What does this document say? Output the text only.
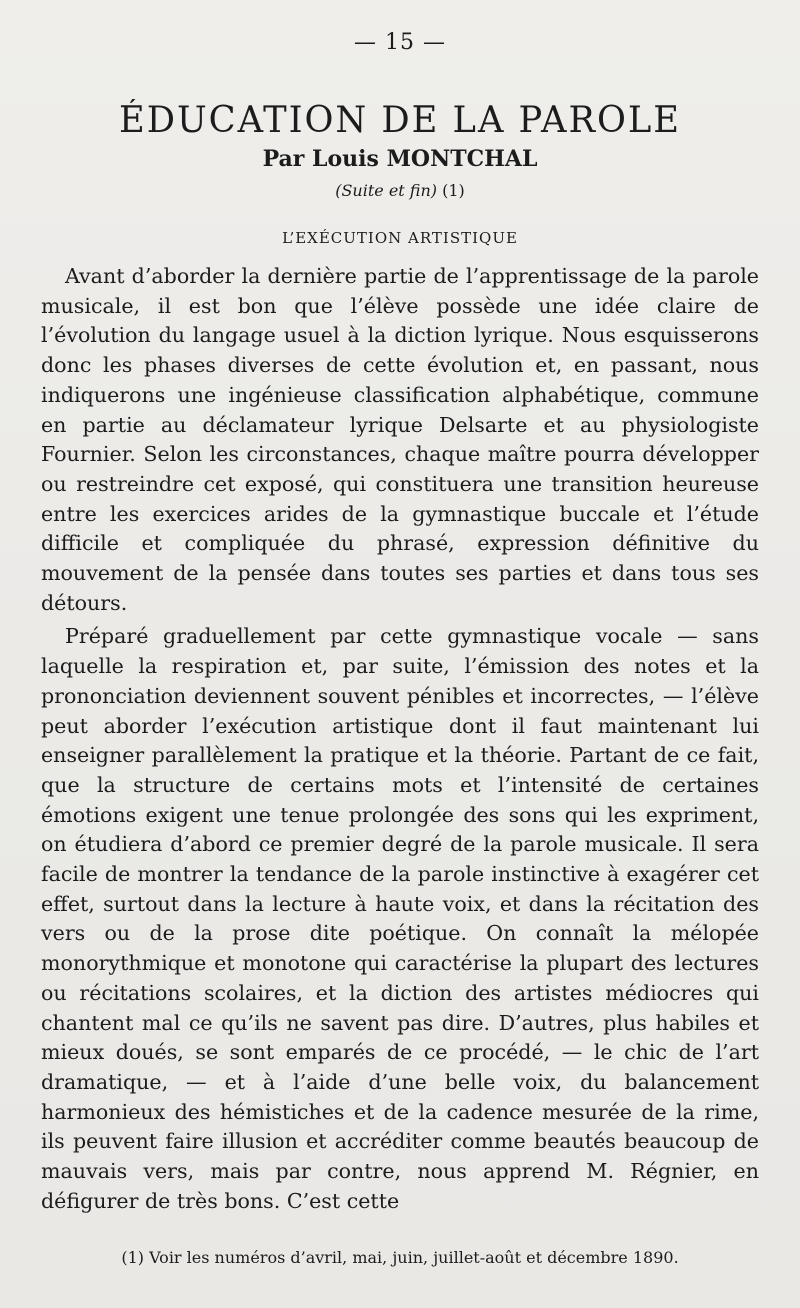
— 15 —
ÉDUCATION DE LA PAROLE
Par Louis MONTCHAL
(Suite et fin) (1)
L’EXÉCUTION ARTISTIQUE

Avant d’aborder la dernière partie de l’apprentissage de la parole musicale, il est bon que l’élève possède une idée claire de l’évolution du langage usuel à la diction lyrique. Nous esquisserons donc les phases diverses de cette évolution et, en passant, nous indiquerons une ingénieuse classification alphabétique, commune en partie au déclamateur lyrique Delsarte et au physiologiste Fournier. Selon les circonstances, chaque maître pourra développer ou restreindre cet exposé, qui constituera une transition heureuse entre les exercices arides de la gymnastique buccale et l’étude difficile et compliquée du phrasé, expression définitive du mouvement de la pensée dans toutes ses parties et dans tous ses détours.

Préparé graduellement par cette gymnastique vocale — sans laquelle la respiration et, par suite, l’émission des notes et la prononciation deviennent souvent pénibles et incorrectes, — l’élève peut aborder l’exécution artistique dont il faut maintenant lui enseigner parallèlement la pratique et la théorie. Partant de ce fait, que la structure de certains mots et l’intensité de certaines émotions exigent une tenue prolongée des sons qui les expriment, on étudiera d’abord ce premier degré de la parole musicale. Il sera facile de montrer la tendance de la parole instinctive à exagérer cet effet, surtout dans la lecture à haute voix, et dans la récitation des vers ou de la prose dite poétique. On connaît la mélopée monorythmique et monotone qui caractérise la plupart des lectures ou récitations scolaires, et la diction des artistes médiocres qui chantent mal ce qu’ils ne savent pas dire. D’autres, plus habiles et mieux doués, se sont emparés de ce procédé, — le chic de l’art dramatique, — et à l’aide d’une belle voix, du balancement harmonieux des hémistiches et de la cadence mesurée de la rime, ils peuvent faire illusion et accréditer comme beautés beaucoup de mauvais vers, mais par contre, nous apprend M. Régnier, en défigurer de très bons. C’est cette

(1) Voir les numéros d’avril, mai, juin, juillet-août et décembre 1890.
